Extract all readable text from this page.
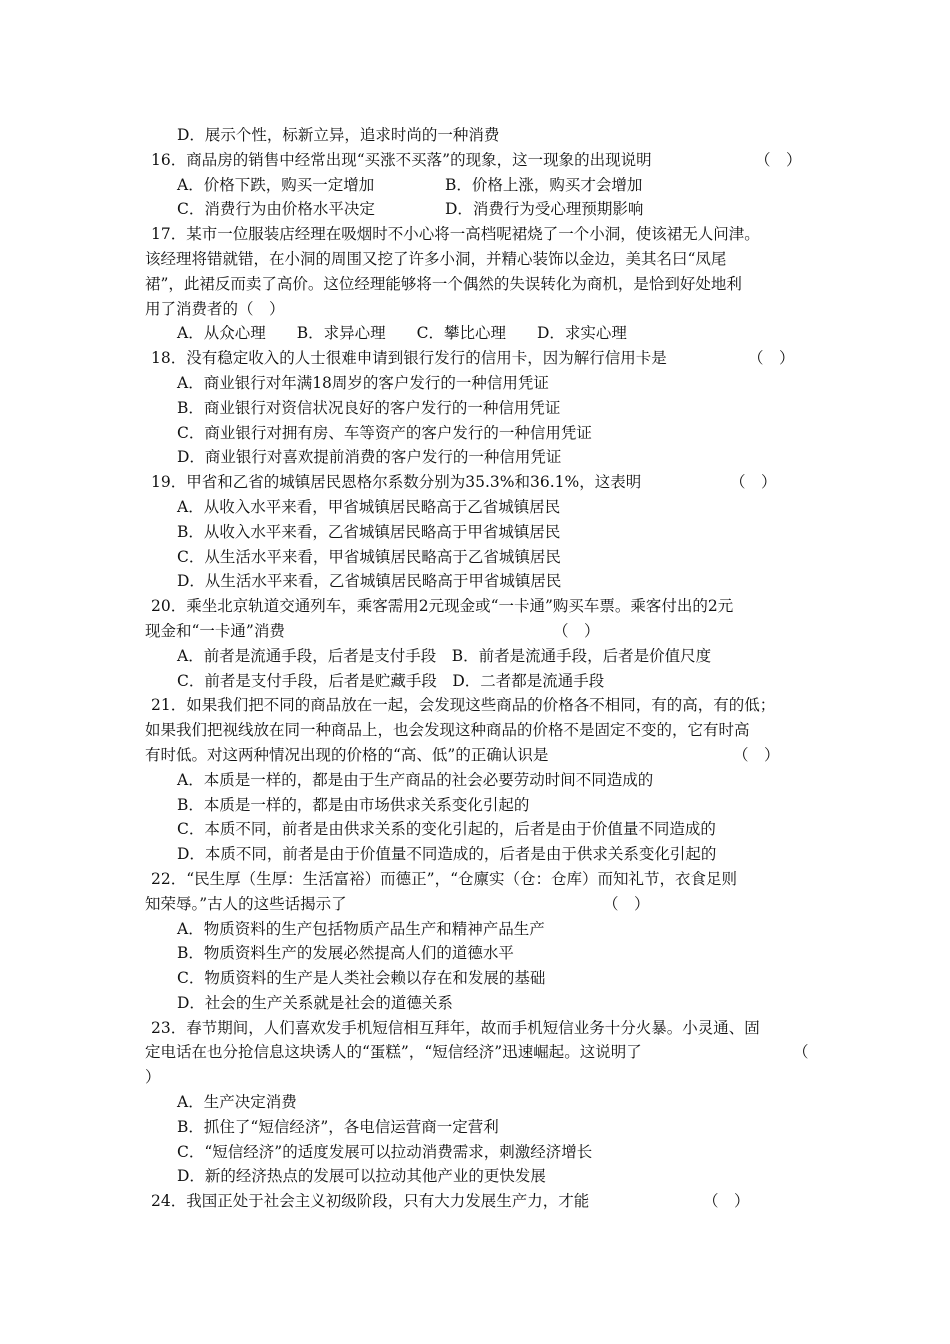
D．展示个性，标新立异，追求时尚的一种消费
16．商品房的销售中经常出现“买涨不买落”的现象，这一现象的出现说明	（　）
A．价格下跌，购买一定增加	B．价格上涨，购买才会增加
C．消费行为由价格水平决定	D．消费行为受心理预期影响
17．某市一位服装店经理在吸烟时不小心将一高档呢裙烧了一个小洞，使该裙无人问津。
该经理将错就错，在小洞的周围又挖了许多小洞，并精心装饰以金边，美其名曰“凤尾
裙”，此裙反而卖了高价。这位经理能够将一个偶然的失误转化为商机，是恰到好处地利
用了消费者的（　）
A．从众心理　　B．求异心理　　C．攀比心理　　D．求实心理
18．没有稳定收入的人士很难申请到银行发行的信用卡，因为解行信用卡是	（　）
A．商业银行对年满18周岁的客户发行的一种信用凭证
B．商业银行对资信状况良好的客户发行的一种信用凭证
C．商业银行对拥有房、车等资产的客户发行的一种信用凭证
D．商业银行对喜欢提前消费的客户发行的一种信用凭证
19．甲省和乙省的城镇居民恩格尔系数分别为35.3%和36.1%，这表明	（　）
A．从收入水平来看，甲省城镇居民略高于乙省城镇居民
B．从收入水平来看，乙省城镇居民略高于甲省城镇居民
C．从生活水平来看，甲省城镇居民略高于乙省城镇居民
D．从生活水平来看，乙省城镇居民略高于甲省城镇居民
20．乘坐北京轨道交通列车，乘客需用2元现金或“一卡通”购买车票。乘客付出的2元
现金和“一卡通”消费	（　）
A．前者是流通手段，后者是支付手段　B．前者是流通手段，后者是价值尺度
C．前者是支付手段，后者是贮藏手段　D．二者都是流通手段
21．如果我们把不同的商品放在一起，会发现这些商品的价格各不相同，有的高，有的低；
如果我们把视线放在同一种商品上，也会发现这种商品的价格不是固定不变的，它有时高
有时低。对这两种情况出现的价格的“高、低”的正确认识是	（　）
A．本质是一样的，都是由于生产商品的社会必要劳动时间不同造成的
B．本质是一样的，都是由市场供求关系变化引起的
C．本质不同，前者是由供求关系的变化引起的，后者是由于价值量不同造成的
D．本质不同，前者是由于价值量不同造成的，后者是由于供求关系变化引起的
22．“民生厚（生厚：生活富裕）而德正”，“仓廪实（仓：仓库）而知礼节，衣食足则
知荣辱。”古人的这些话揭示了	（　）
A．物质资料的生产包括物质产品生产和精神产品生产
B．物质资料生产的发展必然提高人们的道德水平
C．物质资料的生产是人类社会赖以存在和发展的基础
D．社会的生产关系就是社会的道德关系
23．春节期间，人们喜欢发手机短信相互拜年，故而手机短信业务十分火暴。小灵通、固
定电话在也分抢信息这块诱人的“蛋糕”，“短信经济”迅速崛起。这说明了	（
）
A．生产决定消费
B．抓住了“短信经济”，各电信运营商一定营利
C．“短信经济”的适度发展可以拉动消费需求，刺激经济增长
D．新的经济热点的发展可以拉动其他产业的更快发展
24．我国正处于社会主义初级阶段，只有大力发展生产力，才能	（　）
